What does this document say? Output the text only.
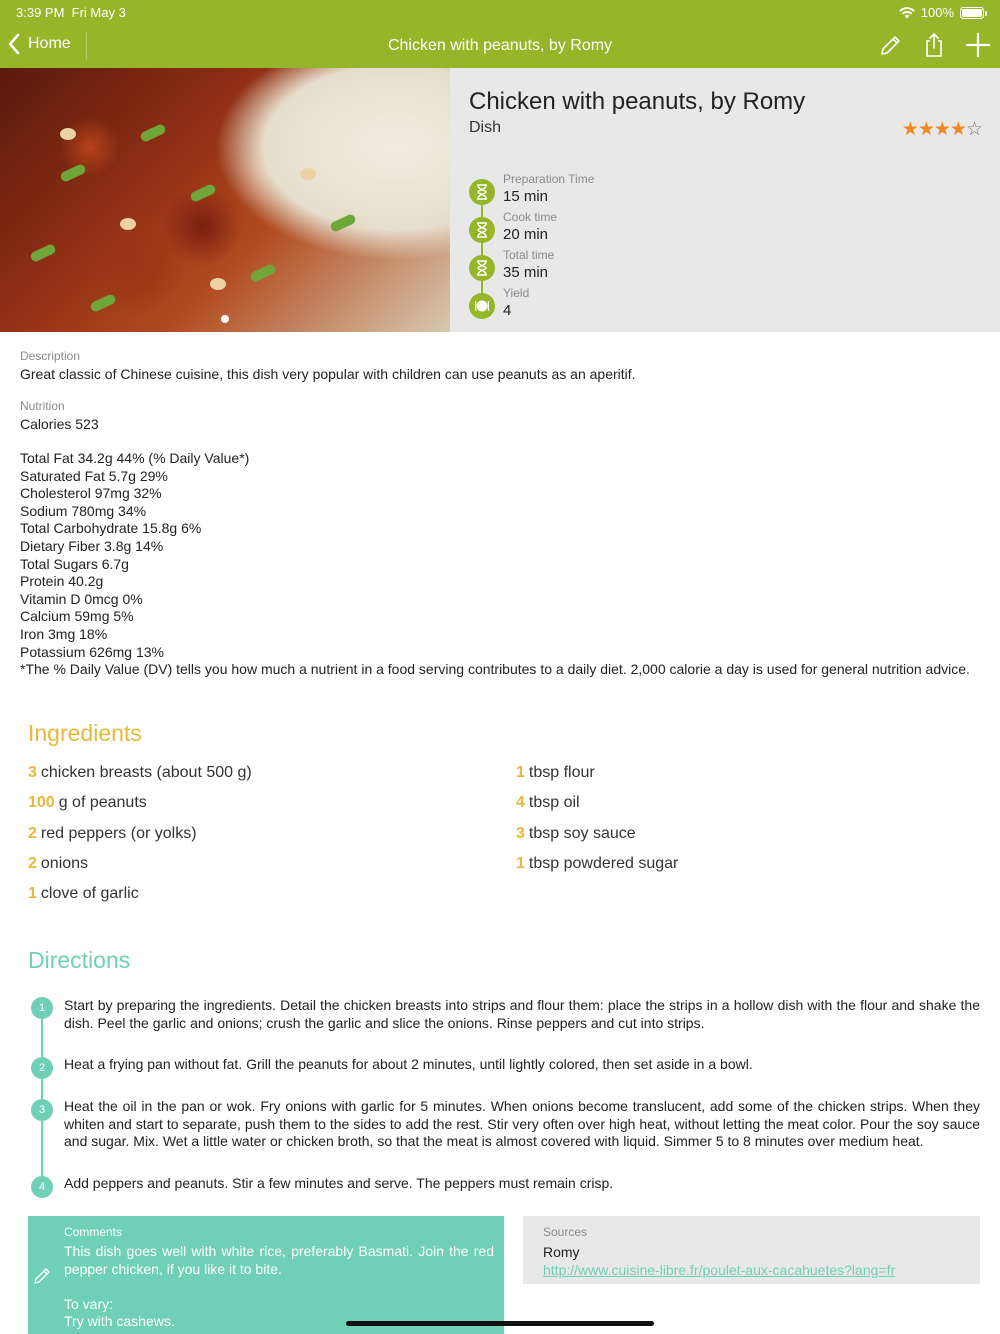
3:39 PM Fri May 3	100%
Home	Chicken with peanuts, by Romy
Chicken with peanuts, by Romy
Dish	★★★★☆
Preparation Time
15 min
Cook time
20 min
Total time
35 min
Yield
4
Description
Great classic of Chinese cuisine, this dish very popular with children can use peanuts as an aperitif.
Nutrition
Calories 523
Total Fat 34.2g 44% (% Daily Value*)
Saturated Fat 5.7g 29%
Cholesterol 97mg 32%
Sodium 780mg 34%
Total Carbohydrate 15.8g 6%
Dietary Fiber 3.8g 14%
Total Sugars 6.7g
Protein 40.2g
Vitamin D 0mcg 0%
Calcium 59mg 5%
Iron 3mg 18%
Potassium 626mg 13%
*The % Daily Value (DV) tells you how much a nutrient in a food serving contributes to a daily diet. 2,000 calorie a day is used for general nutrition advice.
Ingredients
3 chicken breasts (about 500 g)
100 g of peanuts
2 red peppers (or yolks)
2 onions
1 clove of garlic
1 tbsp flour
4 tbsp oil
3 tbsp soy sauce
1 tbsp powdered sugar
Directions
1	Start by preparing the ingredients. Detail the chicken breasts into strips and flour them: place the strips in a hollow dish with the flour and shake the dish. Peel the garlic and onions; crush the garlic and slice the onions. Rinse peppers and cut into strips.
2	Heat a frying pan without fat. Grill the peanuts for about 2 minutes, until lightly colored, then set aside in a bowl.
3	Heat the oil in the pan or wok. Fry onions with garlic for 5 minutes. When onions become translucent, add some of the chicken strips. When they whiten and start to separate, push them to the sides to add the rest. Stir very often over high heat, without letting the meat color. Pour the soy sauce and sugar. Mix. Wet a little water or chicken broth, so that the meat is almost covered with liquid. Simmer 5 to 8 minutes over medium heat.
4	Add peppers and peanuts. Stir a few minutes and serve. The peppers must remain crisp.
Comments

This dish goes well with white rice, preferably Basmati. Join the red pepper chicken, if you like it to bite.

To vary:
Try with cashews.
Sources
Romy
http://www.cuisine-libre.fr/poulet-aux-cacahuetes?lang=fr
